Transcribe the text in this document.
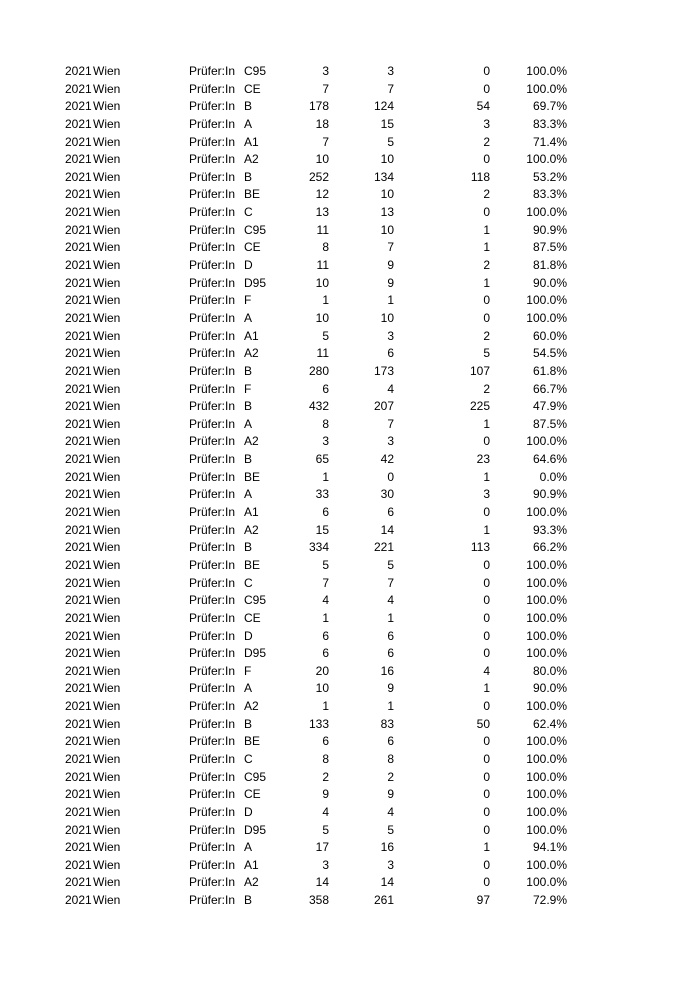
2021 Wien	Prüfer:In C95	3	3	0	100.0%
2021 Wien	Prüfer:In CE	7	7	0	100.0%
2021 Wien	Prüfer:In B	178	124	54	69.7%
2021 Wien	Prüfer:In A	18	15	3	83.3%
2021 Wien	Prüfer:In A1	7	5	2	71.4%
2021 Wien	Prüfer:In A2	10	10	0	100.0%
2021 Wien	Prüfer:In B	252	134	118	53.2%
2021 Wien	Prüfer:In BE	12	10	2	83.3%
2021 Wien	Prüfer:In C	13	13	0	100.0%
2021 Wien	Prüfer:In C95	11	10	1	90.9%
2021 Wien	Prüfer:In CE	8	7	1	87.5%
2021 Wien	Prüfer:In D	11	9	2	81.8%
2021 Wien	Prüfer:In D95	10	9	1	90.0%
2021 Wien	Prüfer:In F	1	1	0	100.0%
2021 Wien	Prüfer:In A	10	10	0	100.0%
2021 Wien	Prüfer:In A1	5	3	2	60.0%
2021 Wien	Prüfer:In A2	11	6	5	54.5%
2021 Wien	Prüfer:In B	280	173	107	61.8%
2021 Wien	Prüfer:In F	6	4	2	66.7%
2021 Wien	Prüfer:In B	432	207	225	47.9%
2021 Wien	Prüfer:In A	8	7	1	87.5%
2021 Wien	Prüfer:In A2	3	3	0	100.0%
2021 Wien	Prüfer:In B	65	42	23	64.6%
2021 Wien	Prüfer:In BE	1	0	1	0.0%
2021 Wien	Prüfer:In A	33	30	3	90.9%
2021 Wien	Prüfer:In A1	6	6	0	100.0%
2021 Wien	Prüfer:In A2	15	14	1	93.3%
2021 Wien	Prüfer:In B	334	221	113	66.2%
2021 Wien	Prüfer:In BE	5	5	0	100.0%
2021 Wien	Prüfer:In C	7	7	0	100.0%
2021 Wien	Prüfer:In C95	4	4	0	100.0%
2021 Wien	Prüfer:In CE	1	1	0	100.0%
2021 Wien	Prüfer:In D	6	6	0	100.0%
2021 Wien	Prüfer:In D95	6	6	0	100.0%
2021 Wien	Prüfer:In F	20	16	4	80.0%
2021 Wien	Prüfer:In A	10	9	1	90.0%
2021 Wien	Prüfer:In A2	1	1	0	100.0%
2021 Wien	Prüfer:In B	133	83	50	62.4%
2021 Wien	Prüfer:In BE	6	6	0	100.0%
2021 Wien	Prüfer:In C	8	8	0	100.0%
2021 Wien	Prüfer:In C95	2	2	0	100.0%
2021 Wien	Prüfer:In CE	9	9	0	100.0%
2021 Wien	Prüfer:In D	4	4	0	100.0%
2021 Wien	Prüfer:In D95	5	5	0	100.0%
2021 Wien	Prüfer:In A	17	16	1	94.1%
2021 Wien	Prüfer:In A1	3	3	0	100.0%
2021 Wien	Prüfer:In A2	14	14	0	100.0%
2021 Wien	Prüfer:In B	358	261	97	72.9%
